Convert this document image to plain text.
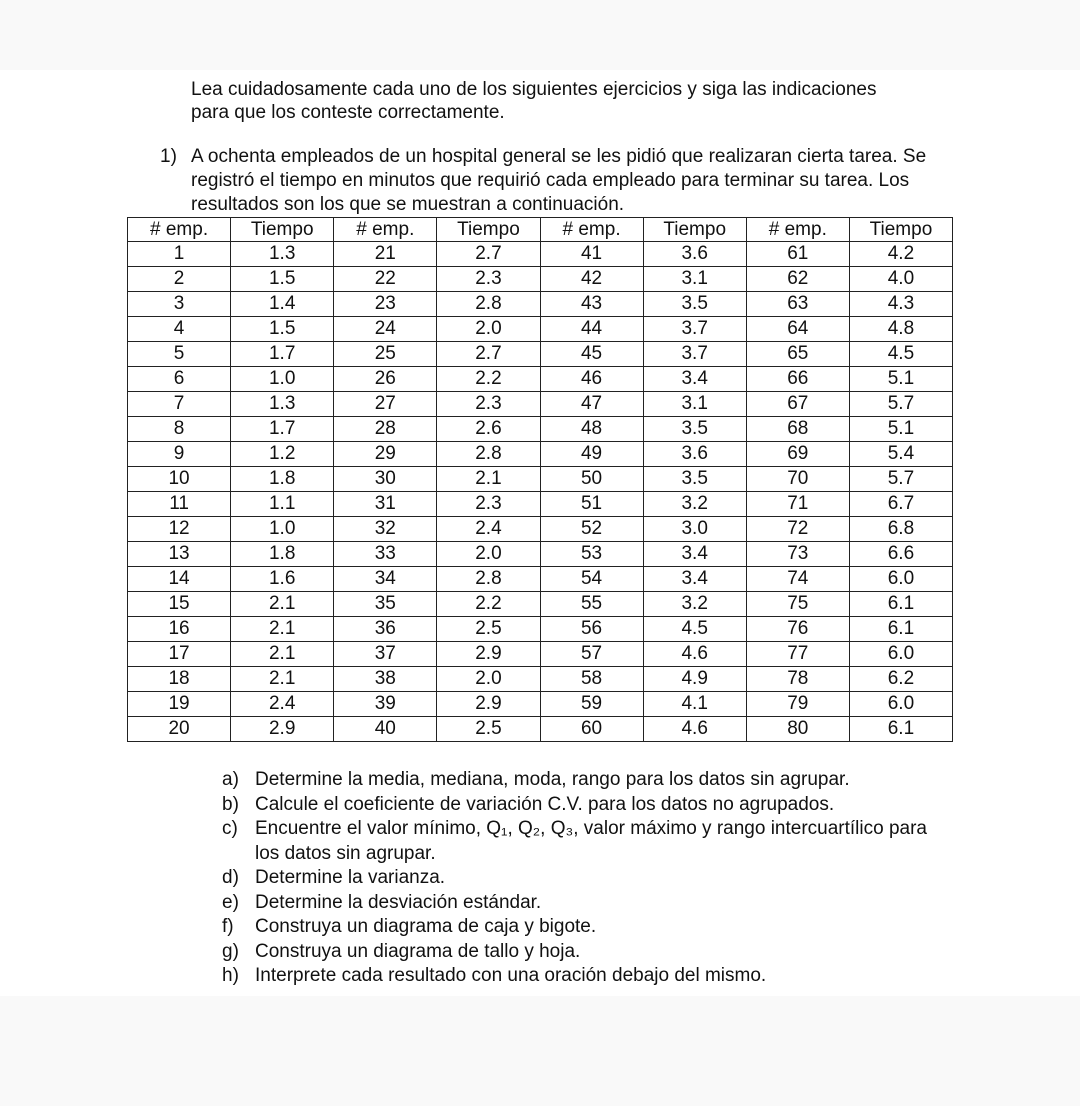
Lea cuidadosamente cada uno de los siguientes ejercicios y siga las indicaciones para que los conteste correctamente.

1) A ochenta empleados de un hospital general se les pidió que realizaran cierta tarea. Se registró el tiempo en minutos que requirió cada empleado para terminar su tarea. Los resultados son los que se muestran a continuación.

# emp.	Tiempo	# emp.	Tiempo	# emp.	Tiempo	# emp.	Tiempo
1	1.3	21	2.7	41	3.6	61	4.2
2	1.5	22	2.3	42	3.1	62	4.0
3	1.4	23	2.8	43	3.5	63	4.3
4	1.5	24	2.0	44	3.7	64	4.8
5	1.7	25	2.7	45	3.7	65	4.5
6	1.0	26	2.2	46	3.4	66	5.1
7	1.3	27	2.3	47	3.1	67	5.7
8	1.7	28	2.6	48	3.5	68	5.1
9	1.2	29	2.8	49	3.6	69	5.4
10	1.8	30	2.1	50	3.5	70	5.7
11	1.1	31	2.3	51	3.2	71	6.7
12	1.0	32	2.4	52	3.0	72	6.8
13	1.8	33	2.0	53	3.4	73	6.6
14	1.6	34	2.8	54	3.4	74	6.0
15	2.1	35	2.2	55	3.2	75	6.1
16	2.1	36	2.5	56	4.5	76	6.1
17	2.1	37	2.9	57	4.6	77	6.0
18	2.1	38	2.0	58	4.9	78	6.2
19	2.4	39	2.9	59	4.1	79	6.0
20	2.9	40	2.5	60	4.6	80	6.1
a) Determine la media, mediana, moda, rango para los datos sin agrupar.
b) Calcule el coeficiente de variación C.V. para los datos no agrupados.
c) Encuentre el valor mínimo, Q₁, Q₂, Q₃, valor máximo y rango intercuartílico para los datos sin agrupar.
d) Determine la varianza.
e) Determine la desviación estándar.
f)	Construya un diagrama de caja y bigote.
g) Construya un diagrama de tallo y hoja.
h) Interprete cada resultado con una oración debajo del mismo.
